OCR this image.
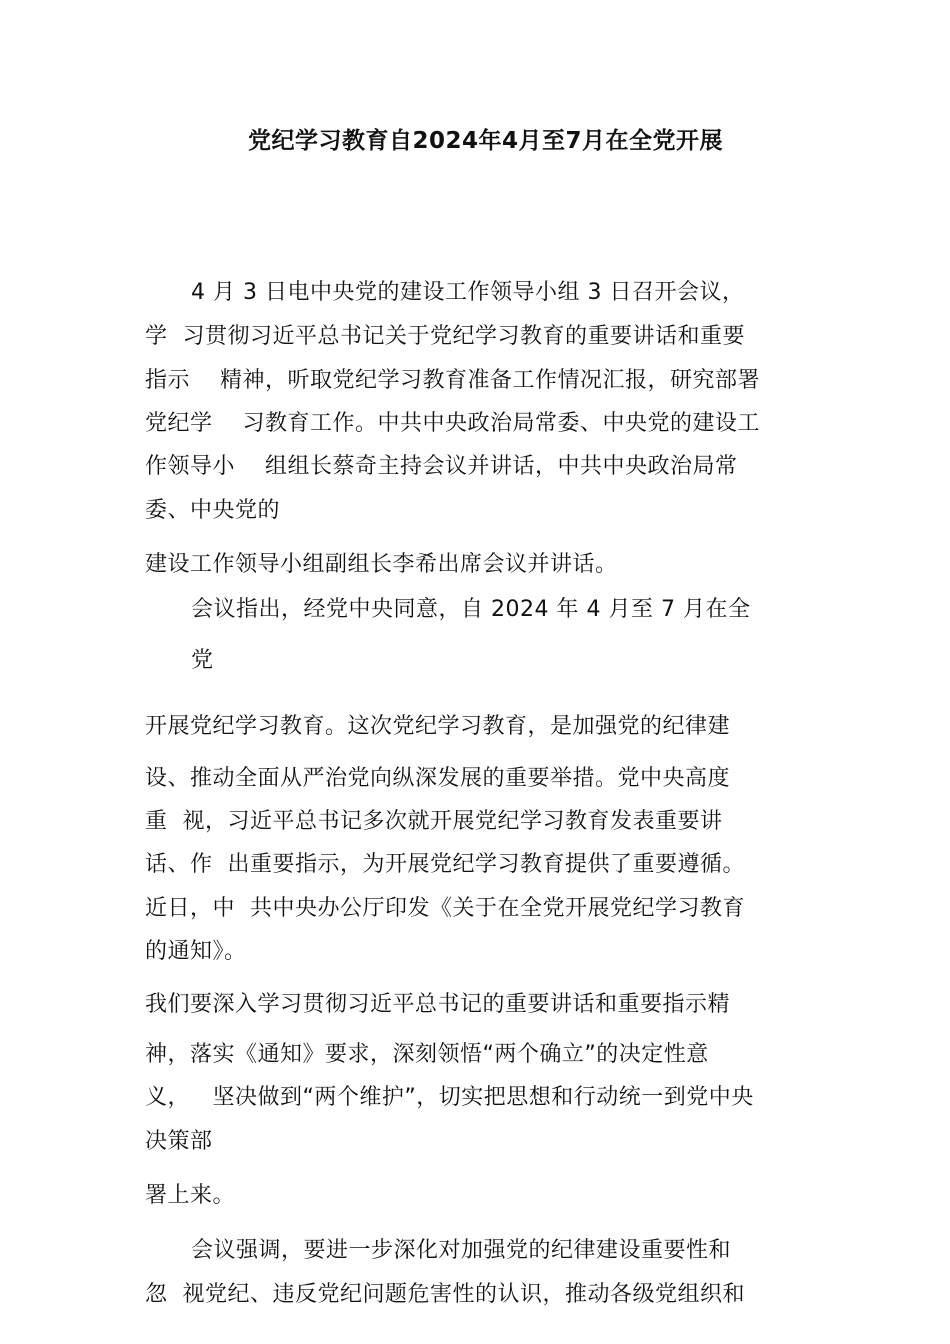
党纪学习教育自2024年4月至7月在全党开展
4 月 3 日电中央党的建设工作领导小组 3 日召开会议，
学  习贯彻习近平总书记关于党纪学习教育的重要讲话和重要
指示    精神，听取党纪学习教育准备工作情况汇报，研究部署
党纪学    习教育工作。中共中央政治局常委、中央党的建设工
作领导小    组组长蔡奇主持会议并讲话，中共中央政治局常
委、中央党的
建设工作领导小组副组长李希出席会议并讲话。
会议指出，经党中央同意，自 2024 年 4 月至 7 月在全
党
开展党纪学习教育。这次党纪学习教育，是加强党的纪律建
设、推动全面从严治党向纵深发展的重要举措。党中央高度
重  视，习近平总书记多次就开展党纪学习教育发表重要讲
话、作  出重要指示，为开展党纪学习教育提供了重要遵循。
近日，中  共中央办公厅印发《关于在全党开展党纪学习教育
的通知》。
我们要深入学习贯彻习近平总书记的重要讲话和重要指示精
神，落实《通知》要求，深刻领悟“两个确立”的决定性意
义，   坚决做到“两个维护”，切实把思想和行动统一到党中央
决策部
署上来。
会议强调，要进一步深化对加强党的纪律建设重要性和
忽  视党纪、违反党纪问题危害性的认识，推动各级党组织和
